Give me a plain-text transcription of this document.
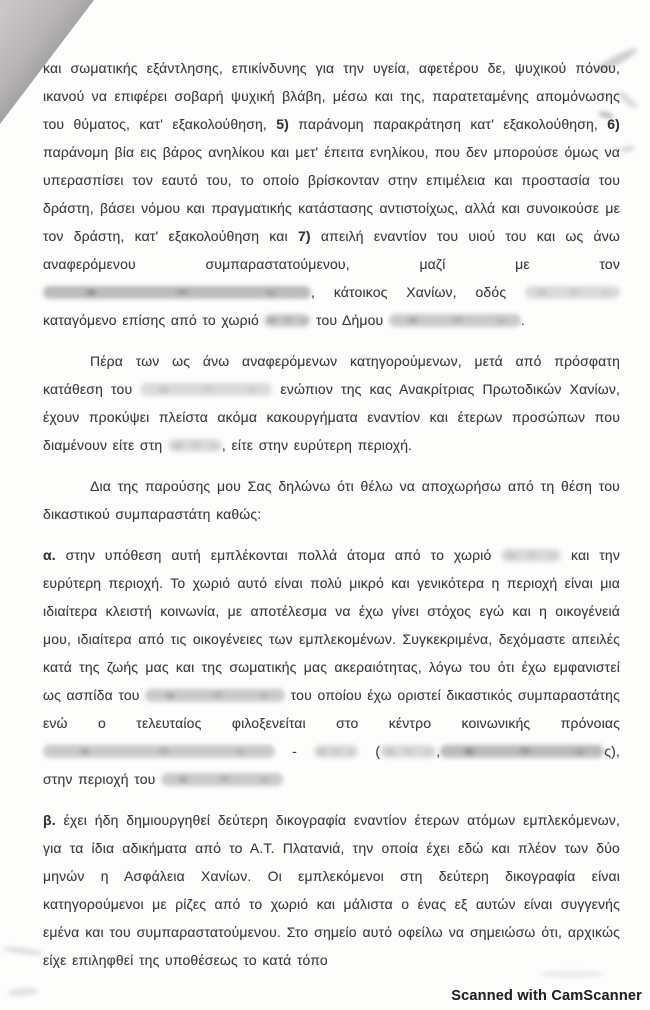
και σωματικής εξάντλησης, επικίνδυνης για την υγεία, αφετέρου δε, ψυχικού πόνου, ικανού να επιφέρει σοβαρή ψυχική βλάβη, μέσω και της, παρατεταμένης απομόνωσης του θύματος, κατ' εξακολούθηση, 5) παράνομη παρακράτηση κατ' εξακολούθηση, 6) παράνομη βία εις βάρος ανηλίκου και μετ' έπειτα ενηλίκου, που δεν μπορούσε όμως να υπερασπίσει τον εαυτό του, το οποίο βρίσκονταν στην επιμέλεια και προστασία του δράστη, βάσει νόμου και πραγματικής κατάστασης αντιστοίχως, αλλά και συνοικούσε με τον δράστη, κατ' εξακολούθηση και 7) απειλή εναντίον του υιού του και ως άνω αναφερόμενου συμπαραστατούμενου, μαζί με τον , κάτοικος Χανίων, οδός  καταγόμενο επίσης από το χωριό	του Δήμου	.

Πέρα των ως άνω αναφερόμενων κατηγορούμενων, μετά από πρόσφατη κατάθεση του	ενώπιον της κας Ανακρίτριας Πρωτοδικών Χανίων, έχουν προκύψει πλείστα ακόμα κακουργήματα εναντίον και έτερων προσώπων που διαμένουν είτε στη	, είτε στην ευρύτερη περιοχή.

Δια της παρούσης μου Σας δηλώνω ότι θέλω να αποχωρήσω από τη θέση του δικαστικού συμπαραστάτη καθώς:

α. στην υπόθεση αυτή εμπλέκονται πολλά άτομα από το χωριό	και την ευρύτερη περιοχή. Το χωριό αυτό είναι πολύ μικρό και γενικότερα η περιοχή είναι μια ιδιαίτερα κλειστή κοινωνία, με αποτέλεσμα να έχω γίνει στόχος εγώ και η οικογένειά μου, ιδιαίτερα από τις οικογένειες των εμπλεκομένων. Συγκεκριμένα, δεχόμαστε απειλές κατά της ζωής μας και της σωματικής μας ακεραιότητας, λόγω του ότι έχω εμφανιστεί ως ασπίδα του	του οποίου έχω οριστεί δικαστικός συμπαραστάτης ενώ ο τελευταίος φιλοξενείται στο κέντρο κοινωνικής πρόνοιας  -	(	,	ς), στην περιοχή του

β. έχει ήδη δημιουργηθεί δεύτερη δικογραφία εναντίον έτερων ατόμων εμπλεκόμενων, για τα ίδια αδικήματα από το Α.Τ. Πλατανιά, την οποία έχει εδώ και πλέον των δύο μηνών η Ασφάλεια Χανίων. Οι εμπλεκόμενοι στη δεύτερη δικογραφία είναι κατηγορούμενοι με ρίζες από το χωριό και μάλιστα ο ένας εξ αυτών είναι συγγενής εμένα και του συμπαραστατούμενου. Στο σημείο αυτό οφείλω να σημειώσω ότι, αρχικώς είχε επιληφθεί της υποθέσεως το κατά τόπο

Scanned with CamScanner
